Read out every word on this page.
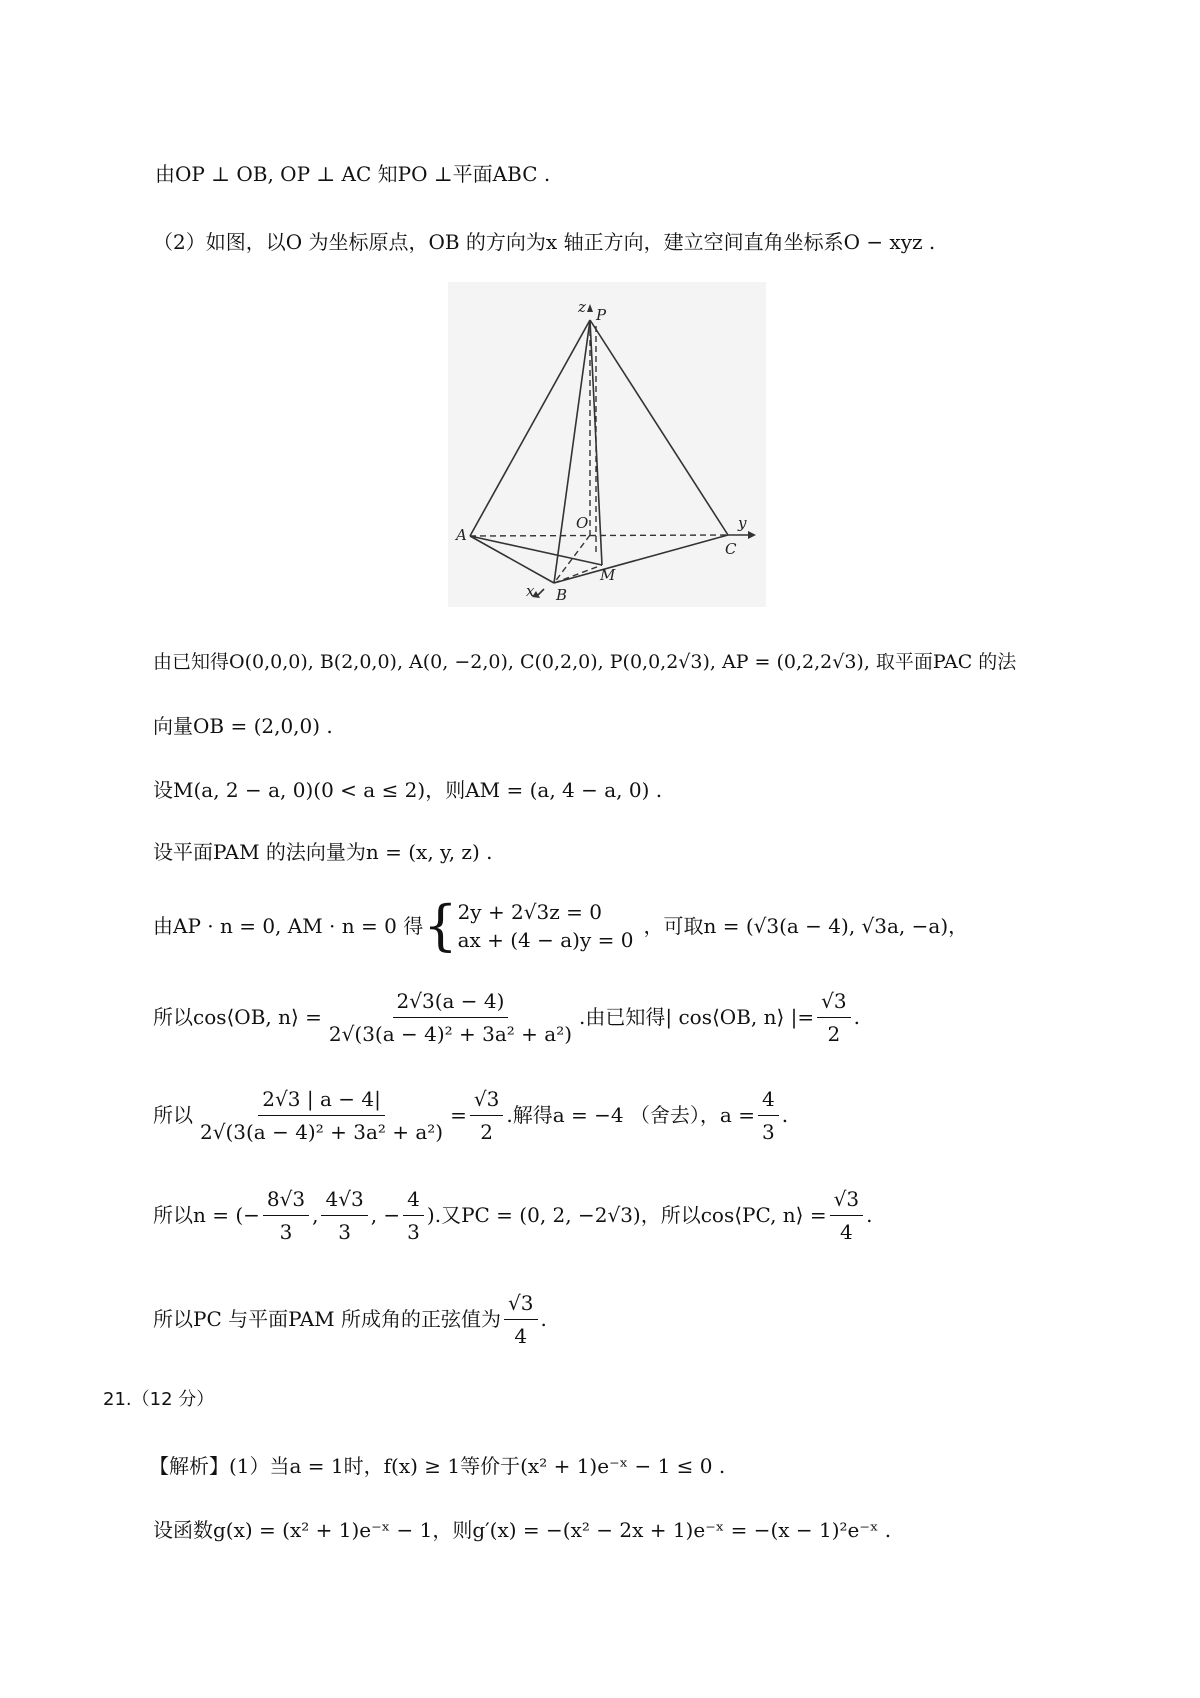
由OP ⊥ OB, OP ⊥ AC 知PO ⊥平面ABC .
（2）如图，以O 为坐标原点，OB 的方向为x 轴正方向，建立空间直角坐标系O − xyz .
z P
A
O
C
y
M
B
x
由已知得O(0,0,0), B(2,0,0), A(0, −2,0), C(0,2,0), P(0,0,2√3), AP = (0,2,2√3), 取平面PAC 的法
向量OB = (2,0,0) .
设M(a, 2 − a, 0)(0 < a ≤ 2)，则AM = (a, 4 − a, 0) .
设平面PAM 的法向量为n = (x, y, z) .
由AP · n = 0, AM · n = 0 得 { 2y + 2√3z = 0
ax + (4 − a)y = 0
，可取n = (√3(a − 4), √3a, −a)，
所以cos⟨OB, n⟩ = $\frac{2√3(a - 4)}{\text{2√(3(a − 4)² + 3a² + a²)}}$ .由已知得| cos⟨OB, n⟩ |= $\frac{√3}{2}$ .
所以 $\frac{2√3 | a - 4|}{\text{2√(3(a − 4)² + 3a² + a²)}} = \frac{√3}{2}$ .解得a = −4 （舍去），$a = \frac{4}{3}$ .
所以n = (− $\frac{8√3}{3}$ , $\frac{4√3}{3}$ , − $\frac{4}{3}$ ).又PC = (0, 2, −2√3)，所以cos⟨PC, n⟩ = $\frac{√3}{4}$ .
所以PC 与平面PAM 所成角的正弦值为 $\frac{√3}{4}$ .
21.（12 分）
【解析】(1）当a = 1时，f(x) ≥ 1等价于(x² + 1)e⁻ˣ − 1 ≤ 0 .
设函数g(x) = (x² + 1)e⁻ˣ − 1，则g′(x) = −(x² − 2x + 1)e⁻ˣ = −(x − 1)²e⁻ˣ .
